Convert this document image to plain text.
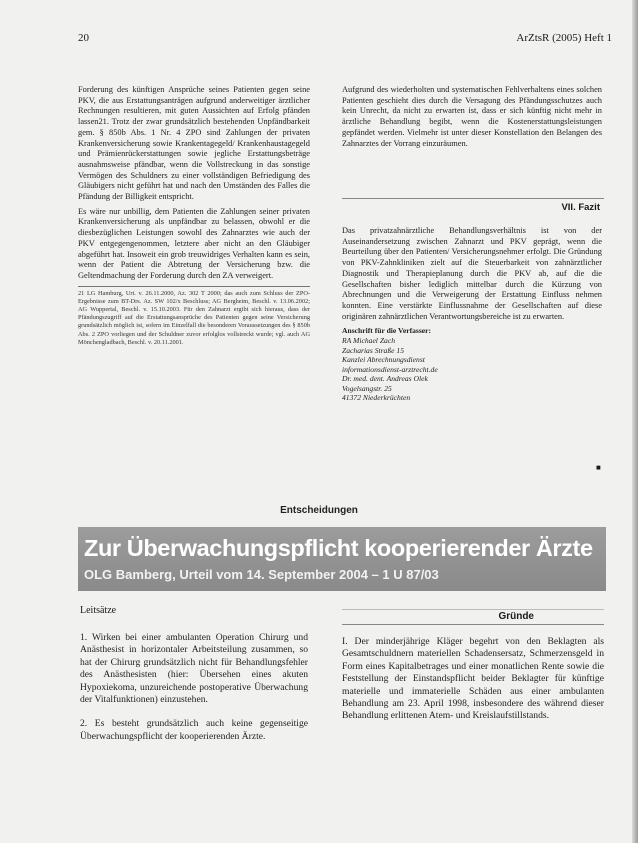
20	ArZtsR (2005) Heft 1

Forderung des künftigen Ansprüche seines Patienten gegen seine PKV, die aus Erstattungsanträgen aufgrund anderweitiger ärztlicher Rechnungen resultieren, mit guten Aussichten auf Erfolg pfänden lassen21. Trotz der zwar grundsätzlich bestehenden Unpfändbarkeit gem. § 850b Abs. 1 Nr. 4 ZPO sind Zahlungen der privaten Krankenversicherung sowie Krankentagegeld/ Krankenhaustagegeld und Prämienrückerstattungen sowie jegliche Erstattungsbeträge ausnahmsweise pfändbar, wenn die Vollstreckung in das sonstige Vermögen des Schuldners zu einer vollständigen Befriedigung des Gläubigers nicht geführt hat und nach den Umständen des Falles die Pfändung der Billigkeit entspricht.

Es wäre nur unbillig, dem Patienten die Zahlungen seiner privaten Krankenversicherung als unpfändbar zu belassen, obwohl er die diesbezüglichen Leistungen sowohl des Zahnarztes wie auch der PKV entgegengenommen, letztere aber nicht an den Gläubiger abgeführt hat. Insoweit ein grob treuwidriges Verhalten kann es sein, wenn der Patient die Abtretung der Versicherung bzw. die Geltendmachung der Forderung durch den ZA verweigert.

21 LG Hamburg, Urt. v. 26.11.2000, Az. 302 T 2000; das auch zum Schluss der ZPO-Ergebnisse zum BT-Drs. Az. SW 102/x Beschluss; AG Bergheim, Beschl. v. 13.06.2002; AG Wuppertal, Beschl. v. 15.10.2003. Für den Zahnarzt ergibt sich hieraus, dass der Pfändungszugriff auf die Erstattungsansprüche des Patienten gegen seine Versicherung grundsätzlich möglich ist, sofern im Einzelfall die besonderen Voraussetzungen des § 850b Abs. 2 ZPO vorliegen und der Schuldner zuvor erfolglos vollstreckt wurde; vgl. auch AG Mönchengladbach, Beschl. v. 20.11.2001.

Aufgrund des wiederholten und systematischen Fehlverhaltens eines solchen Patienten geschieht dies durch die Versagung des Pfändungsschutzes auch kein Unrecht, da nicht zu erwarten ist, dass er sich künftig nicht mehr in ärztliche Behandlung begibt, wenn die Kostenerstattungsleistungen gepfändet werden. Vielmehr ist unter dieser Konstellation den Belangen des Zahnarztes der Vorrang einzuräumen.

VII. Fazit

Das privatzahnärztliche Behandlungsverhältnis ist von der Auseinandersetzung zwischen Zahnarzt und PKV geprägt, wenn die Beurteilung über den Patienten/ Versicherungsnehmer erfolgt. Die Gründung von PKV-Zahnkliniken zielt auf die Steuerbarkeit von zahnärztlicher Diagnostik und Therapieplanung durch die PKV ab, auf die die Gesellschaften bisher lediglich mittelbar durch die Kürzung von Abrechnungen und die Verweigerung der Erstattung Einfluss nehmen konnten. Eine verstärkte Einflussnahme der Gesellschaften auf diese originären zahnärztlichen Verantwortungsbereiche ist zu erwarten.

Anschrift für die Verfasser:
RA Michael Zach
Zacharias Straße 15
Kanzlei Abrechnungsdienst
informationsdienst-arztrecht.de
Dr. med. dent. Andreas Olek
Vogelsangstr. 25
41372 Niederkrüchten
■
Entscheidungen
Zur Überwachungspflicht kooperierender Ärzte
OLG Bamberg, Urteil vom 14. September 2004 – 1 U 87/03
Leitsätze
Gründe

1. Wirken bei einer ambulanten Operation Chirurg und Anästhesist in horizontaler Arbeitsteilung zusammen, so hat der Chirurg grundsätzlich nicht für Behandlungsfehler des Anästhesisten (hier: Übersehen eines akuten Hypoxiekoma, unzureichende postoperative Überwachung der Vitalfunktionen) einzustehen.

2. Es besteht grundsätzlich auch keine gegenseitige Überwachungspflicht der kooperierenden Ärzte.

I. Der minderjährige Kläger begehrt von den Beklagten als Gesamtschuldnern materiellen Schadensersatz, Schmerzensgeld in Form eines Kapitalbetrages und einer monatlichen Rente sowie die Feststellung der Einstandspflicht beider Beklagter für künftige materielle und immaterielle Schäden aus einer ambulanten Behandlung am 23. April 1998, insbesondere des während dieser Behandlung erlittenen Atem- und Kreislaufstillstands.
